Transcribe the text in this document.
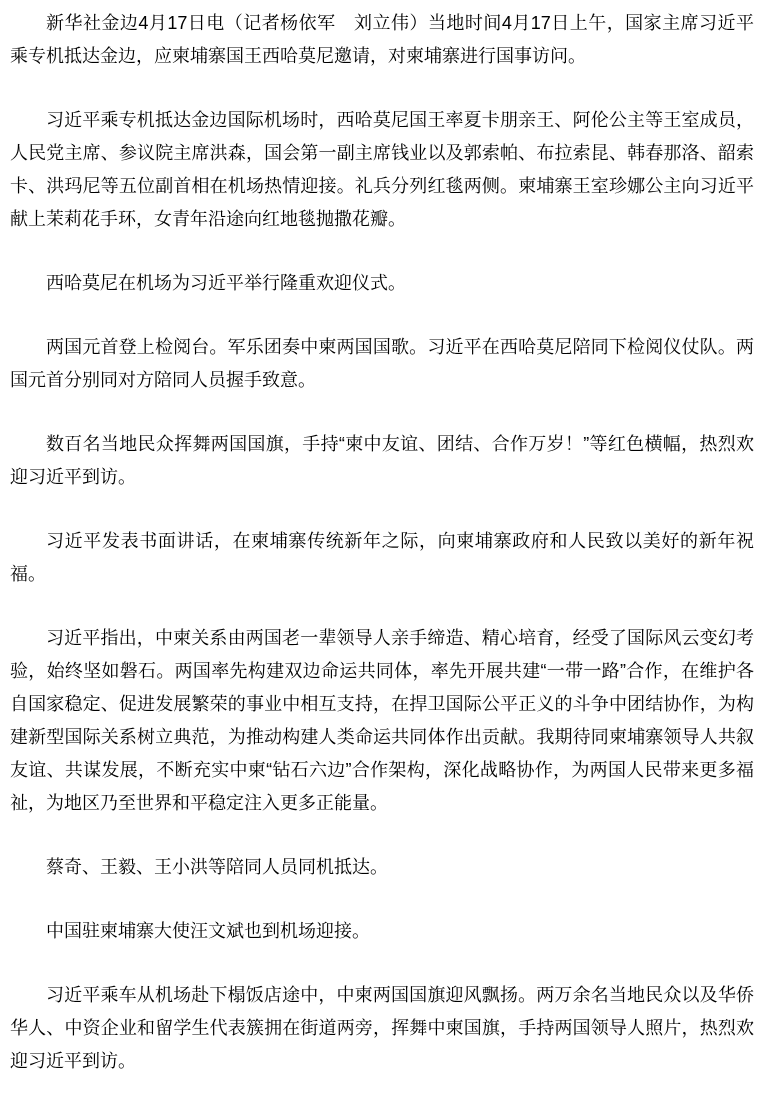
新华社金边4月17日电（记者杨依军　刘立伟）当地时间4月17日上午，国家主席习近平乘专机抵达金边，应柬埔寨国王西哈莫尼邀请，对柬埔寨进行国事访问。

习近平乘专机抵达金边国际机场时，西哈莫尼国王率夏卡朋亲王、阿伦公主等王室成员，人民党主席、参议院主席洪森，国会第一副主席钱业以及郭索帕、布拉索昆、韩春那洛、韶索卡、洪玛尼等五位副首相在机场热情迎接。礼兵分列红毯两侧。柬埔寨王室珍娜公主向习近平献上茉莉花手环，女青年沿途向红地毯抛撒花瓣。

西哈莫尼在机场为习近平举行隆重欢迎仪式。

两国元首登上检阅台。军乐团奏中柬两国国歌。习近平在西哈莫尼陪同下检阅仪仗队。两国元首分别同对方陪同人员握手致意。

数百名当地民众挥舞两国国旗，手持“柬中友谊、团结、合作万岁！”等红色横幅，热烈欢迎习近平到访。

习近平发表书面讲话，在柬埔寨传统新年之际，向柬埔寨政府和人民致以美好的新年祝福。

习近平指出，中柬关系由两国老一辈领导人亲手缔造、精心培育，经受了国际风云变幻考验，始终坚如磐石。两国率先构建双边命运共同体，率先开展共建“一带一路”合作，在维护各自国家稳定、促进发展繁荣的事业中相互支持，在捍卫国际公平正义的斗争中团结协作，为构建新型国际关系树立典范，为推动构建人类命运共同体作出贡献。我期待同柬埔寨领导人共叙友谊、共谋发展，不断充实中柬“钻石六边”合作架构，深化战略协作，为两国人民带来更多福祉，为地区乃至世界和平稳定注入更多正能量。

蔡奇、王毅、王小洪等陪同人员同机抵达。

中国驻柬埔寨大使汪文斌也到机场迎接。

习近平乘车从机场赴下榻饭店途中，中柬两国国旗迎风飘扬。两万余名当地民众以及华侨华人、中资企业和留学生代表簇拥在街道两旁，挥舞中柬国旗，手持两国领导人照片，热烈欢迎习近平到访。
